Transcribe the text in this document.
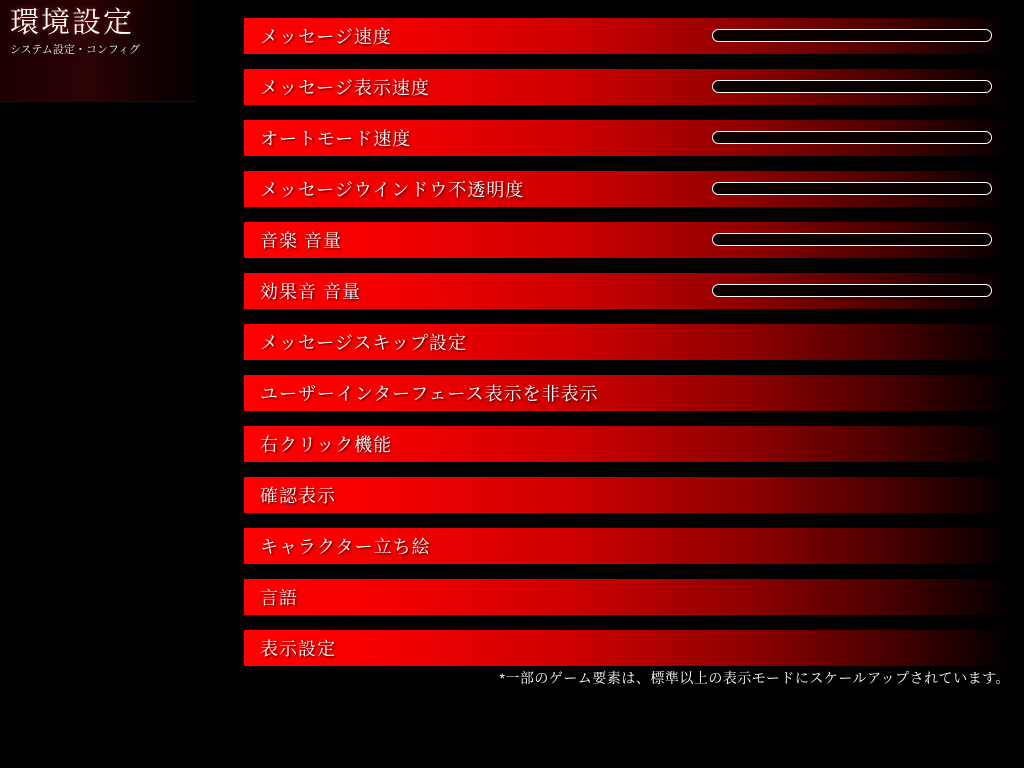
環境設定
システム設定・コンフィグ
メッセージ速度
メッセージ表示速度
オートモード速度
メッセージウインドウ不透明度
音楽 音量
効果音 音量
メッセージスキップ設定
ユーザーインターフェース表示を非表示
右クリック機能
確認表示
キャラクター立ち絵
言語
表示設定
*一部のゲーム要素は、標準以上の表示モードにスケールアップされています。
